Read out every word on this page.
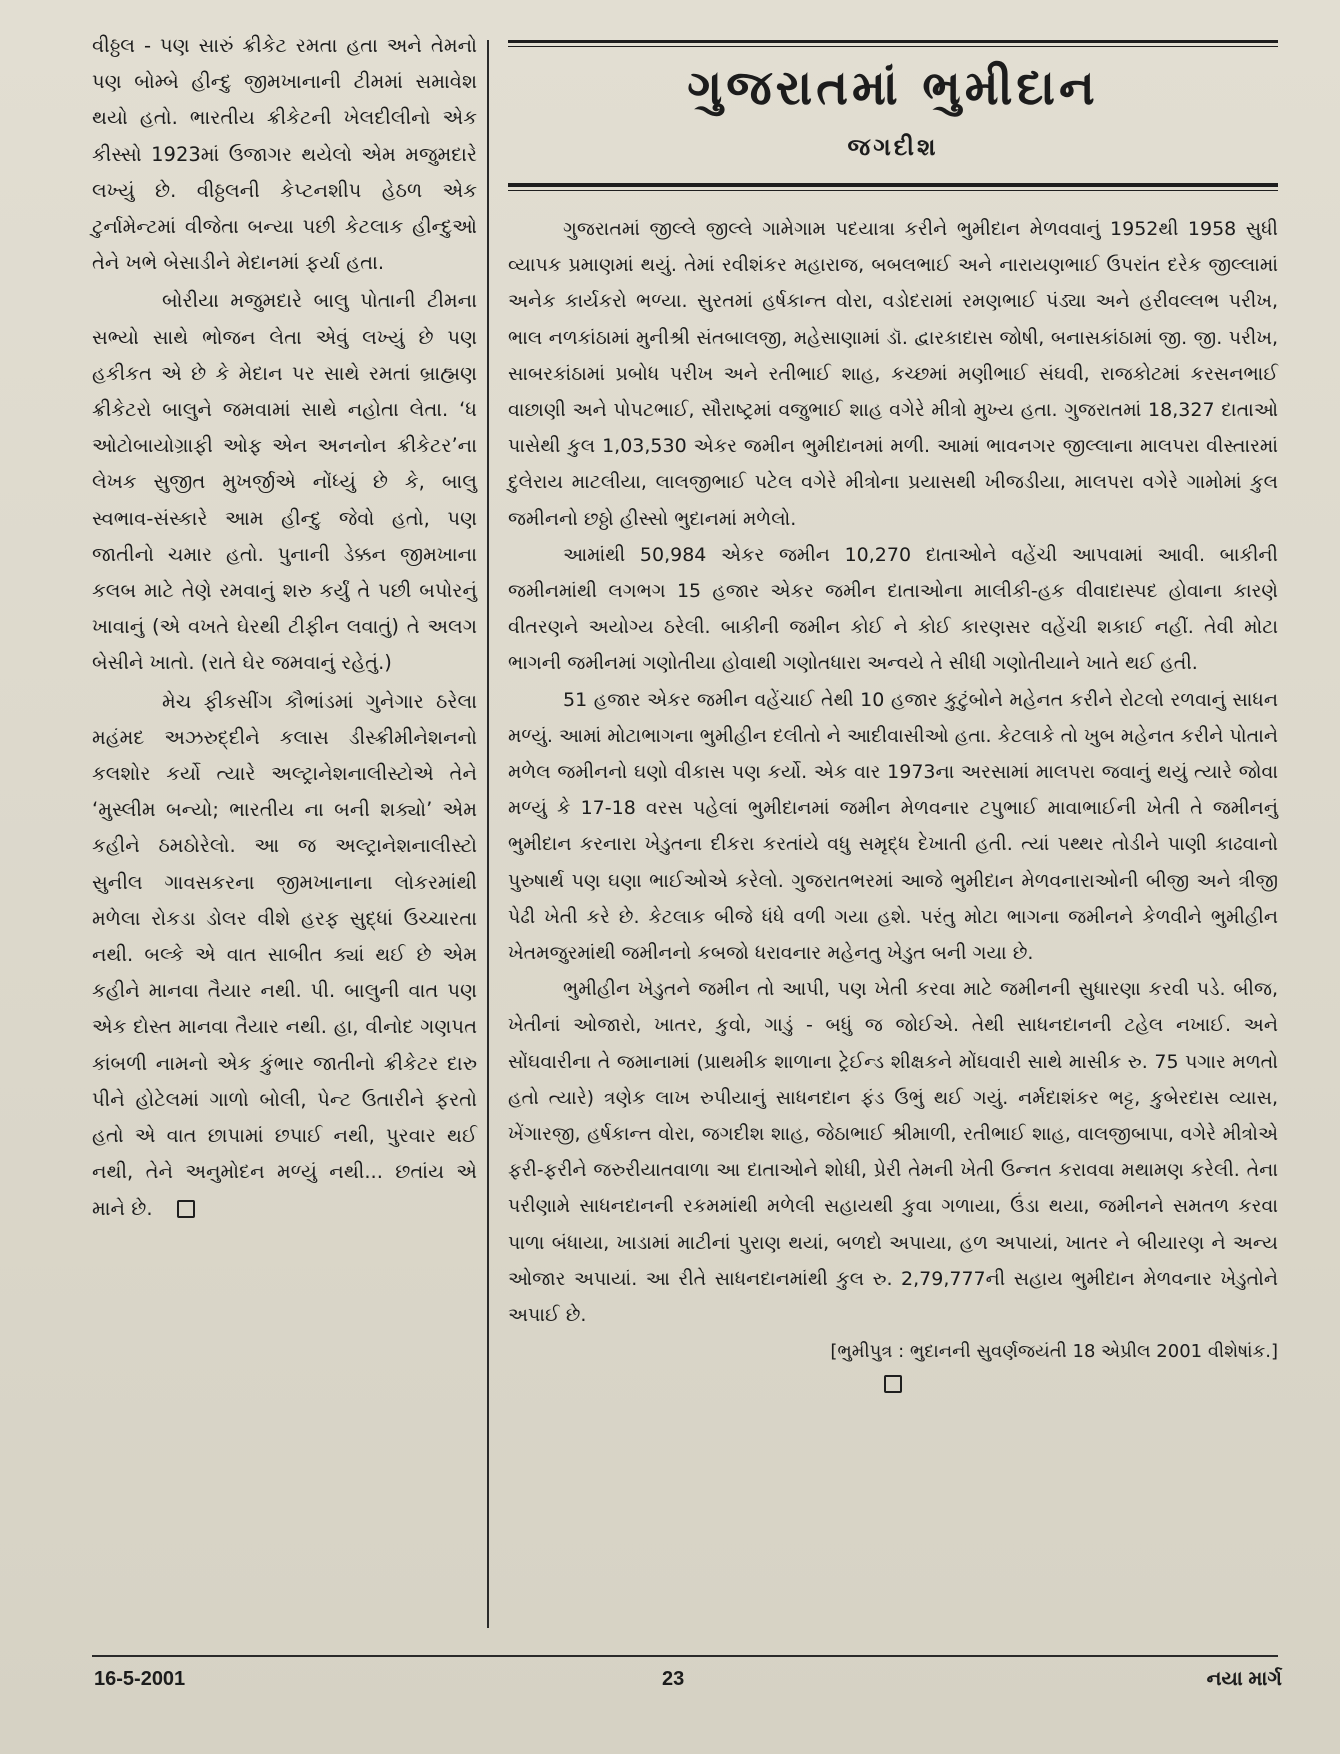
વીઠ્ઠલ - પણ સારું ક્રીકેટ રમતા હતા અને તેમનો પણ બોમ્બે હીન્દુ જીમખાનાની ટીમમાં સમાવેશ થયો હતો. ભારતીય ક્રીકેટની ખેલદીલીનો એક કીસ્સો 1923માં ઉજાગર થયેલો એમ મજુમદારે લખ્યું છે. વીઠ્ઠલની કેપ્ટનશીપ હેઠળ એક ટુર્નામેન્ટમાં વીજેતા બન્યા પછી કેટલાક હીન્દુઓ તેને ખભે બેસાડીને મેદાનમાં ફર્યા હતા.

બોરીયા મજુમદારે બાલુ પોતાની ટીમના સભ્યો સાથે ભોજન લેતા એવું લખ્યું છે પણ હકીકત એ છે કે મેદાન પર સાથે રમતાં બ્રાહ્મણ ક્રીકેટરો બાલુને જમવામાં સાથે નહોતા લેતા. ‘ધ ઓટોબાયોગ્રાફી ઓફ એન અનનોન ક્રીકેટર’ના લેખક સુજીત મુખર્જીએ નોંધ્યું છે કે, બાલુ સ્વભાવ-સંસ્કારે આમ હીન્દુ જેવો હતો, પણ જાતીનો ચમાર હતો. પુનાની ડેક્કન જીમખાના કલબ માટે તેણે રમવાનું શરુ કર્યું તે પછી બપોરનું ખાવાનું (એ વખતે ઘેરથી ટીફીન લવાતું) તે અલગ બેસીને ખાતો. (રાતે ઘેર જમવાનું રહેતું.)

મેચ ફીકસીંગ કૌભાંડમાં ગુનેગાર ઠરેલા મહંમદ અઝરુદ્દીને કલાસ ડીસ્ક્રીમીનેશનનો કલશોર કર્યો ત્યારે અલ્ટ્રાનેશનાલીસ્ટોએ તેને ‘મુસ્લીમ બન્યો; ભારતીય ના બની શક્યો’ એમ કહીને ઠમઠોરેલો. આ જ અલ્ટ્રાનેશનાલીસ્ટો સુનીલ ગાવસકરના જીમખાનાના લોકરમાંથી મળેલા રોકડા ડોલર વીશે હરફ સુદ્ધાં ઉચ્ચારતા નથી. બલ્કે એ વાત સાબીત ક્યાં થઈ છે એમ કહીને માનવા તૈયાર નથી. પી. બાલુની વાત પણ એક દોસ્ત માનવા તૈયાર નથી. હા, વીનોદ ગણપત કાંબળી નામનો એક કુંભાર જાતીનો ક્રીકેટર દારુ પીને હોટેલમાં ગાળો બોલી, પેન્ટ ઉતારીને ફરતો હતો એ વાત છાપામાં છપાઈ નથી, પુરવાર થઈ નથી, તેને અનુમોદન મળ્યું નથી... છતાંય એ માને છે.

ગુજરાતમાં ભુમીદાન
જગદીશ

ગુજરાતમાં જીલ્લે જીલ્લે ગામેગામ પદયાત્રા કરીને ભુમીદાન મેળવવાનું 1952થી 1958 સુધી વ્યાપક પ્રમાણમાં થયું. તેમાં રવીશંકર મહારાજ, બબલભાઈ અને નારાયણભાઈ ઉપરાંત દરેક જીલ્લામાં અનેક કાર્યકરો ભળ્યા. સુરતમાં હર્ષકાન્ત વોરા, વડોદરામાં રમણભાઈ પંડ્યા અને હરીવલ્લભ પરીખ, ભાલ નળકાંઠામાં મુનીશ્રી સંતબાલજી, મહેસાણામાં ડૉ. દ્વારકાદાસ જોષી, બનાસકાંઠામાં જી. જી. પરીખ, સાબરકાંઠામાં પ્રબોધ પરીખ અને રતીભાઈ શાહ, કચ્છમાં મણીભાઈ સંઘવી, રાજકોટમાં કરસનભાઈ વાછાણી અને પોપટભાઈ, સૌરાષ્ટ્રમાં વજુભાઈ શાહ વગેરે મીત્રો મુખ્ય હતા. ગુજરાતમાં 18,327 દાતાઓ પાસેથી કુલ 1,03,530 એકર જમીન ભુમીદાનમાં મળી. આમાં ભાવનગર જીલ્લાના માલપરા વીસ્તારમાં દુલેરાય માટલીયા, લાલજીભાઈ પટેલ વગેરે મીત્રોના પ્રયાસથી ખીજડીયા, માલપરા વગેરે ગામોમાં કુલ જમીનનો છઠ્ઠો હીસ્સો ભુદાનમાં મળેલો.

આમાંથી 50,984 એકર જમીન 10,270 દાતાઓને વહેંચી આપવામાં આવી. બાકીની જમીનમાંથી લગભગ 15 હજાર એકર જમીન દાતાઓના માલીકી-હક વીવાદાસ્પદ હોવાના કારણે વીતરણને અયોગ્ય ઠરેલી. બાકીની જમીન કોઈ ને કોઈ કારણસર વહેંચી શકાઈ નહીં. તેવી મોટા ભાગની જમીનમાં ગણોતીયા હોવાથી ગણોતધારા અન્વયે તે સીધી ગણોતીયાને ખાતે થઈ હતી.

51 હજાર એકર જમીન વહેંચાઈ તેથી 10 હજાર કુટુંબોને મહેનત કરીને રોટલો રળવાનું સાધન મળ્યું. આમાં મોટાભાગના ભુમીહીન દલીતો ને આદીવાસીઓ હતા. કેટલાકે તો ખુબ મહેનત કરીને પોતાને મળેલ જમીનનો ઘણો વીકાસ પણ કર્યો. એક વાર 1973ના અરસામાં માલપરા જવાનું થયું ત્યારે જોવા મળ્યું કે 17-18 વરસ પહેલાં ભુમીદાનમાં જમીન મેળવનાર ટપુભાઈ માવાભાઈની ખેતી તે જમીનનું ભુમીદાન કરનારા ખેડુતના દીકરા કરતાંયે વધુ સમૃદ્ધ દેખાતી હતી. ત્યાં પથ્થર તોડીને પાણી કાઢવાનો પુરુષાર્થ પણ ઘણા ભાઈઓએ કરેલો. ગુજરાતભરમાં આજે ભુમીદાન મેળવનારાઓની બીજી અને ત્રીજી પેઢી ખેતી કરે છે. કેટલાક બીજે ધંધે વળી ગયા હશે. પરંતુ મોટા ભાગના જમીનને કેળવીને ભુમીહીન ખેતમજુરમાંથી જમીનનો કબજો ધરાવનાર મહેનતુ ખેડુત બની ગયા છે.

ભુમીહીન ખેડુતને જમીન તો આપી, પણ ખેતી કરવા માટે જમીનની સુધારણા કરવી પડે. બીજ, ખેતીનાં ઓજારો, ખાતર, કુવો, ગાડું - બધું જ જોઈએ. તેથી સાધનદાનની ટહેલ નખાઈ. અને સોંઘવારીના તે જમાનામાં (પ્રાથમીક શાળાના ટ્રેઈન્ડ શીક્ષકને મોંઘવારી સાથે માસીક રુ. 75 પગાર મળતો હતો ત્યારે) ત્રણેક લાખ રુપીયાનું સાધનદાન ફંડ ઉભું થઈ ગયું. નર્મદાશંકર ભટ્ટ, કુબેરદાસ વ્યાસ, ખેંગારજી, હર્ષકાન્ત વોરા, જગદીશ શાહ, જેઠાભાઈ શ્રીમાળી, રતીભાઈ શાહ, વાલજીબાપા, વગેરે મીત્રોએ ફરી-ફરીને જરુરીયાતવાળા આ દાતાઓને શોધી, પ્રેરી તેમની ખેતી ઉન્નત કરાવવા મથામણ કરેલી. તેના પરીણામે સાધનદાનની રકમમાંથી મળેલી સહાયથી કુવા ગળાયા, ઉંડા થયા, જમીનને સમતળ કરવા પાળા બંધાયા, ખાડામાં માટીનાં પુરાણ થયાં, બળદો અપાયા, હળ અપાયાં, ખાતર ને બીયારણ ને અન્ય ઓજાર અપાયાં. આ રીતે સાધનદાનમાંથી કુલ રુ. 2,79,777ની સહાય ભુમીદાન મેળવનાર ખેડુતોને અપાઈ છે.

[ભુમીપુત્ર : ભુદાનની સુવર્ણજયંતી 18 એપ્રીલ 2001 વીશેષાંક.]
16-5-2001	23	નયા માર્ગ
